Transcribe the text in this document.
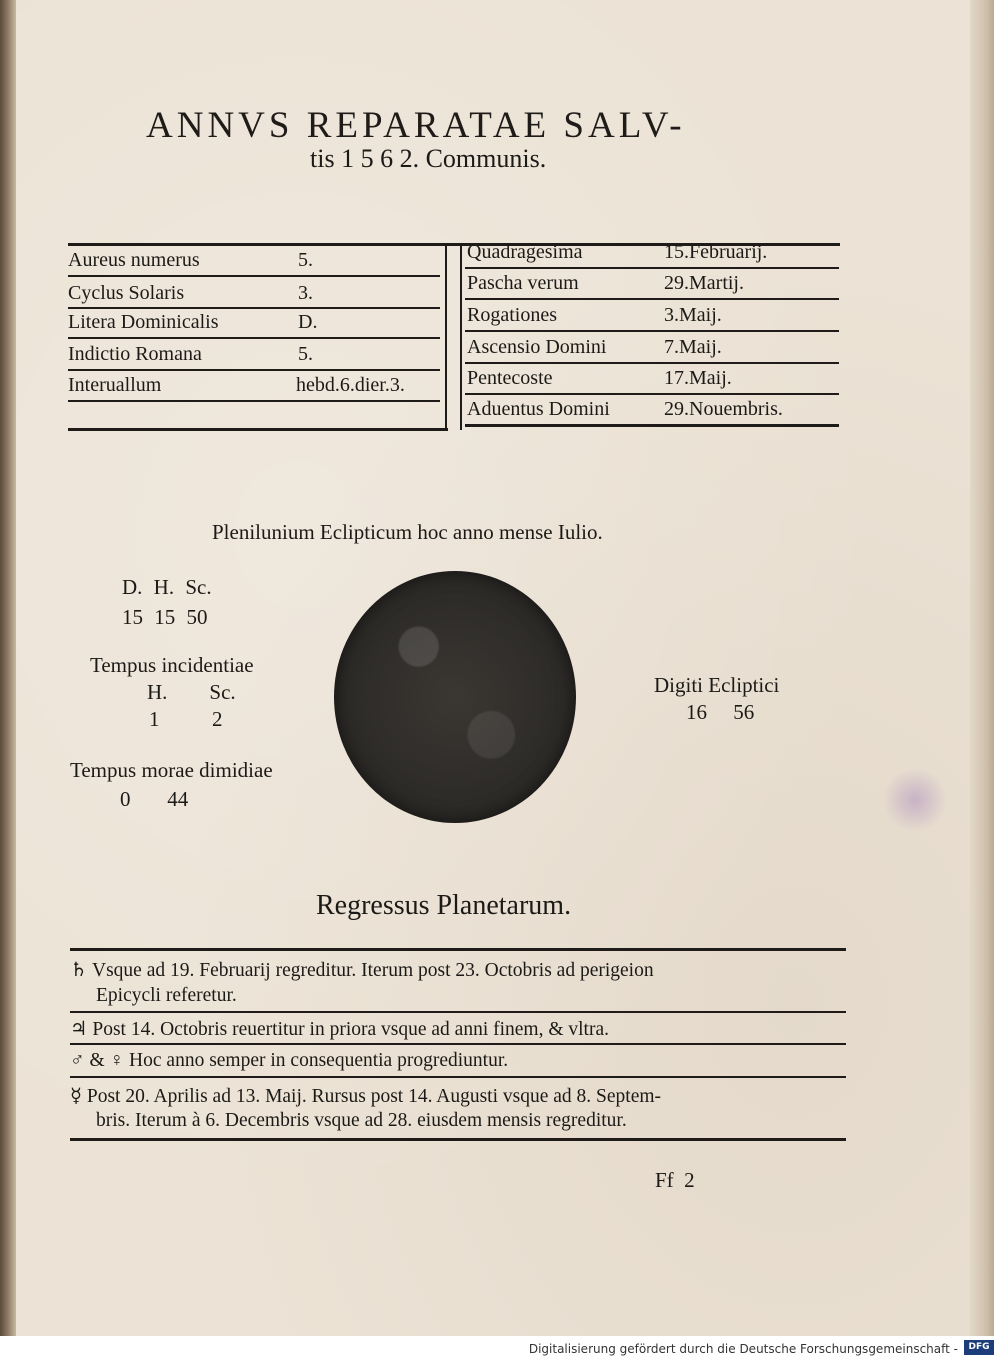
ANNVS REPARATAE SALV-
tis 1 5 6 2. Communis.
Aureus numerus	5.
Cyclus Solaris	3.
Litera Dominicalis	D.
Indictio Romana	5.
Interuallum	hebd.6.dier.3.
Quadragesima	15.Februarij.
Pascha verum	29.Martij.
Rogationes	3.Maij.
Ascensio Domini	7.Maij.
Pentecoste	17.Maij.
Aduentus Domini	29.Nouembris.
Plenilunium Eclipticum hoc anno mense Iulio.
D. H. Sc.
15 15 50
Tempus incidentiae
H.        Sc.
1          2
Tempus morae dimidiae
0       44
Digiti Ecliptici
16     56
Regressus Planetarum.
♄ Vsque ad 19. Februarij regreditur. Iterum post 23. Octobris ad perigeion
Epicycli referetur.
♃ Post 14. Octobris reuertitur in priora vsque ad anni finem, & vltra.
♂ & ♀ Hoc anno semper in consequentia progrediuntur.
☿ Post 20. Aprilis ad 13. Maij. Rursus post 14. Augusti vsque ad 8. Septem-
bris. Iterum à 6. Decembris vsque ad 28. eiusdem mensis regreditur.
Ff  2
Digitalisierung gefördert durch die Deutsche Forschungsgemeinschaft -	DFG
